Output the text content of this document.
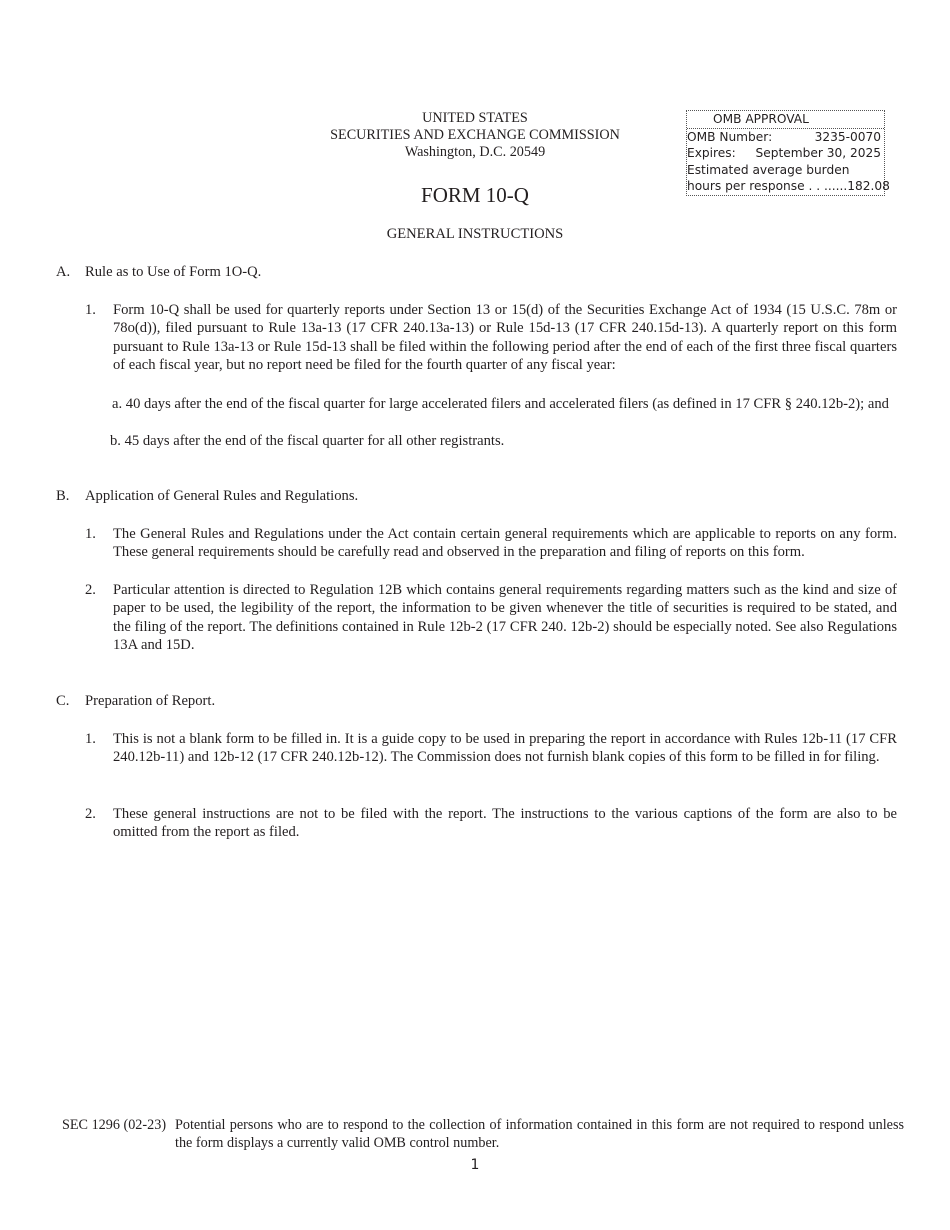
UNITED STATES
SECURITIES AND EXCHANGE COMMISSION
Washington, D.C. 20549
FORM 10-Q
GENERAL INSTRUCTIONS
OMB APPROVAL
OMB Number:	3235-0070
Expires: September 30, 2025
Estimated average burden
hours per response . . ... ...182.08
A. Rule as to Use of Form 1O-Q.
1. Form 10-Q shall be used for quarterly reports under Section 13 or 15(d) of the Securities Exchange Act of 1934 (15 U.S.C. 78m or 78o(d)), filed pursuant to Rule 13a-13 (17 CFR 240.13a-13) or Rule 15d-13 (17 CFR 240.15d-13). A quarterly report on this form pursuant to Rule 13a-13 or Rule 15d-13 shall be filed within the following period after the end of each of the first three fiscal quarters of each fiscal year, but no report need be filed for the fourth quarter of any fiscal year:
a. 40 days after the end of the fiscal quarter for large accelerated filers and accelerated filers (as defined in 17 CFR § 240.12b-2); and
b. 45 days after the end of the fiscal quarter for all other registrants.
B. Application of General Rules and Regulations.
1. The General Rules and Regulations under the Act contain certain general requirements which are applicable to reports on any form. These general requirements should be carefully read and observed in the preparation and filing of reports on this form.
2. Particular attention is directed to Regulation 12B which contains general requirements regarding matters such as the kind and size of paper to be used, the legibility of the report, the information to be given whenever the title of securities is required to be stated, and the filing of the report. The definitions contained in Rule 12b-2 (17 CFR 240. 12b-2) should be especially noted. See also Regulations 13A and 15D.
C. Preparation of Report.
1. This is not a blank form to be filled in. It is a guide copy to be used in preparing the report in accordance with Rules 12b-11 (17 CFR 240.12b-11) and 12b-12 (17 CFR 240.12b-12). The Commission does not furnish blank copies of this form to be filled in for filing.
2. These general instructions are not to be filed with the report. The instructions to the various captions of the form are also to be omitted from the report as filed.
SEC 1296 (02-23) Potential persons who are to respond to the collection of information contained in this form are not required to respond unless the form displays a currently valid OMB control number.
1
